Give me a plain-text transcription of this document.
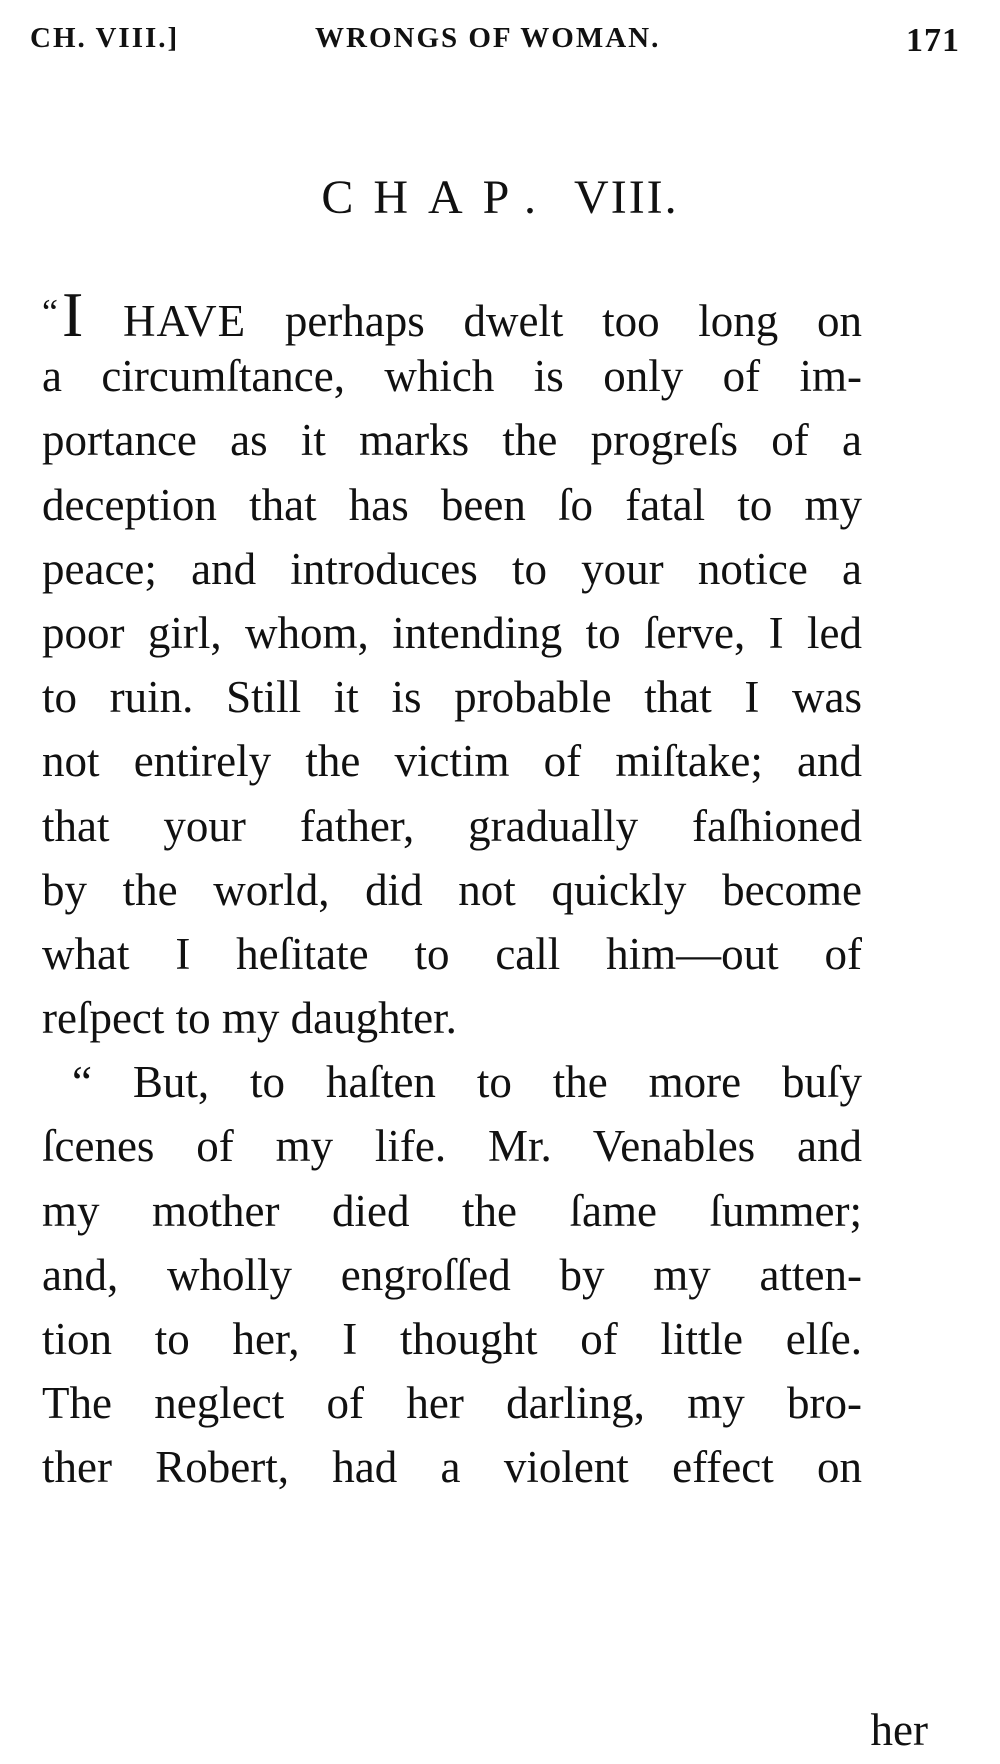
CH. VIII.]	WRONGS OF WOMAN.	171
CHAP. VIII.
“I HAVE perhaps dwelt too long on
a circumſtance, which is only of im-
portance as it marks the progreſs of a
deception that has been ſo fatal to my
peace; and introduces to your notice a
poor girl, whom, intending to ſerve, I led
to ruin. Still it is probable that I was
not entirely the victim of miſtake; and
that your father, gradually faſhioned
by the world, did not quickly become
what I heſitate to call him—out of
reſpect to my daughter.
“ But, to haſten to the more buſy
ſcenes of my life. Mr. Venables and
my mother died the ſame ſummer;
and, wholly engroſſed by my atten-
tion to her, I thought of little elſe.
The neglect of her darling, my bro-
ther Robert, had a violent effect on
her
